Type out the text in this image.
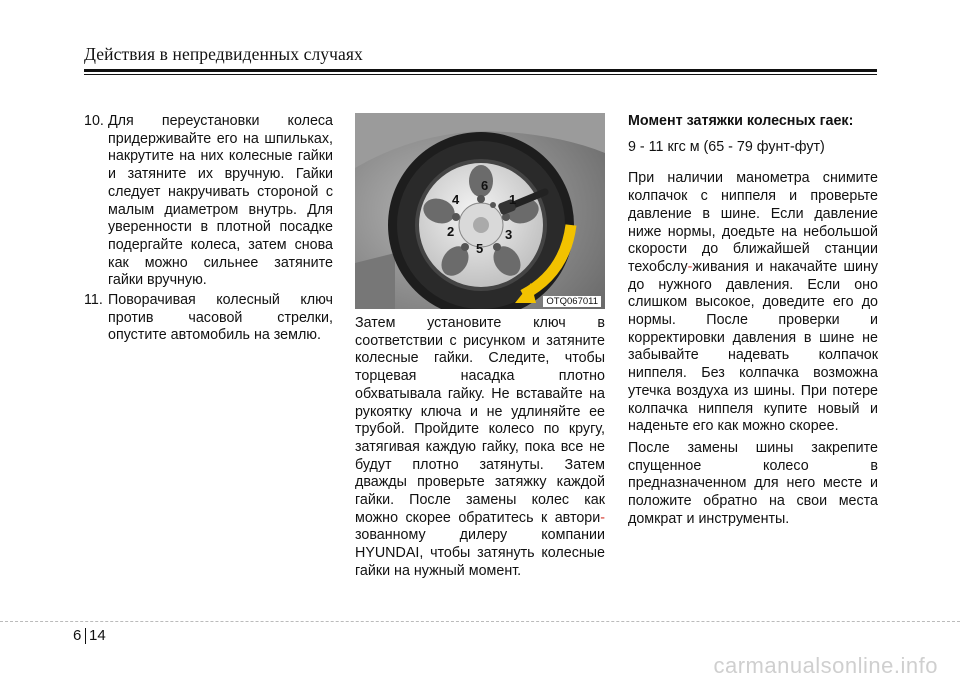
Действия в непредвиденных случаях
10. Для переустановки колеса придерживайте его на шпильках, накрутите на них колесные гайки и затяните их вручную. Гайки следует накручивать стороной с малым диаметром внутрь. Для уверенности в плотной посадке подергайте колеса, затем снова как можно сильнее затяните гайки вручную.
11. Поворачивая колесный ключ против часовой стрелки, опустите автомобиль на землю.
6
1
4
2	3
5
OTQ067011

Затем установите ключ в соответствии с рисунком и затяните колесные гайки. Следите, чтобы торцевая насадка плотно обхватывала гайку. Не вставайте на рукоятку ключа и не удлиняйте ее трубой. Пройдите колесо по кругу, затягивая каждую гайку, пока все не будут плотно затянуты. Затем дважды проверьте затяжку каждой гайки. После замены колес как можно скорее обратитесь к автори-зованному дилеру компании HYUNDAI, чтобы затянуть колесные гайки на нужный момент.

Момент затяжки колесных гаек:

9 - 11 кгс м (65 - 79 фунт-фут)

При наличии манометра снимите колпачок с ниппеля и проверьте давление в шине. Если давление ниже нормы, доедьте на небольшой скорости до ближайшей станции техобслу-живания и накачайте шину до нужного давления. Если оно слишком высокое, доведите его до нормы. После проверки и корректировки давления в шине не забывайте надевать колпачок ниппеля. Без колпачка возможна утечка воздуха из шины. При потере колпачка ниппеля купите новый и наденьте его как можно скорее.

После замены шины закрепите спущенное колесо в предназначенном для него месте и положите обратно на свои места домкрат и инструменты.

6 14
carmanualsonline.info
